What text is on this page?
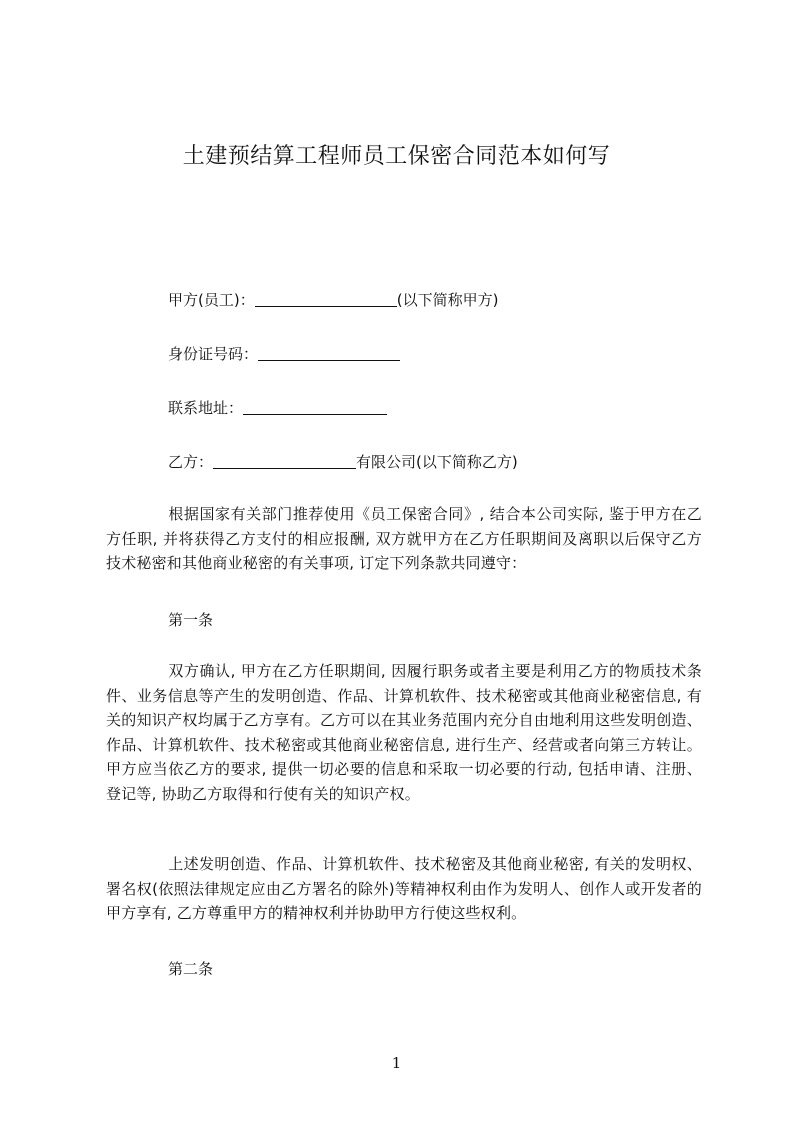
土建预结算工程师员工保密合同范本如何写
甲方(员工)：	(以下简称甲方)
身份证号码：
联系地址：
乙方：	有限公司(以下简称乙方)
根据国家有关部门推荐使用《员工保密合同》, 结合本公司实际, 鉴于甲方在乙方任职, 并将获得乙方支付的相应报酬, 双方就甲方在乙方任职期间及离职以后保守乙方技术秘密和其他商业秘密的有关事项, 订定下列条款共同遵守：
第一条
双方确认, 甲方在乙方任职期间, 因履行职务或者主要是利用乙方的物质技术条件、业务信息等产生的发明创造、作品、计算机软件、技术秘密或其他商业秘密信息, 有关的知识产权均属于乙方享有。乙方可以在其业务范围内充分自由地利用这些发明创造、作品、计算机软件、技术秘密或其他商业秘密信息, 进行生产、经营或者向第三方转让。甲方应当依乙方的要求, 提供一切必要的信息和采取一切必要的行动, 包括申请、注册、登记等, 协助乙方取得和行使有关的知识产权。
上述发明创造、作品、计算机软件、技术秘密及其他商业秘密, 有关的发明权、署名权(依照法律规定应由乙方署名的除外)等精神权利由作为发明人、创作人或开发者的甲方享有, 乙方尊重甲方的精神权利并协助甲方行使这些权利。
第二条
1
